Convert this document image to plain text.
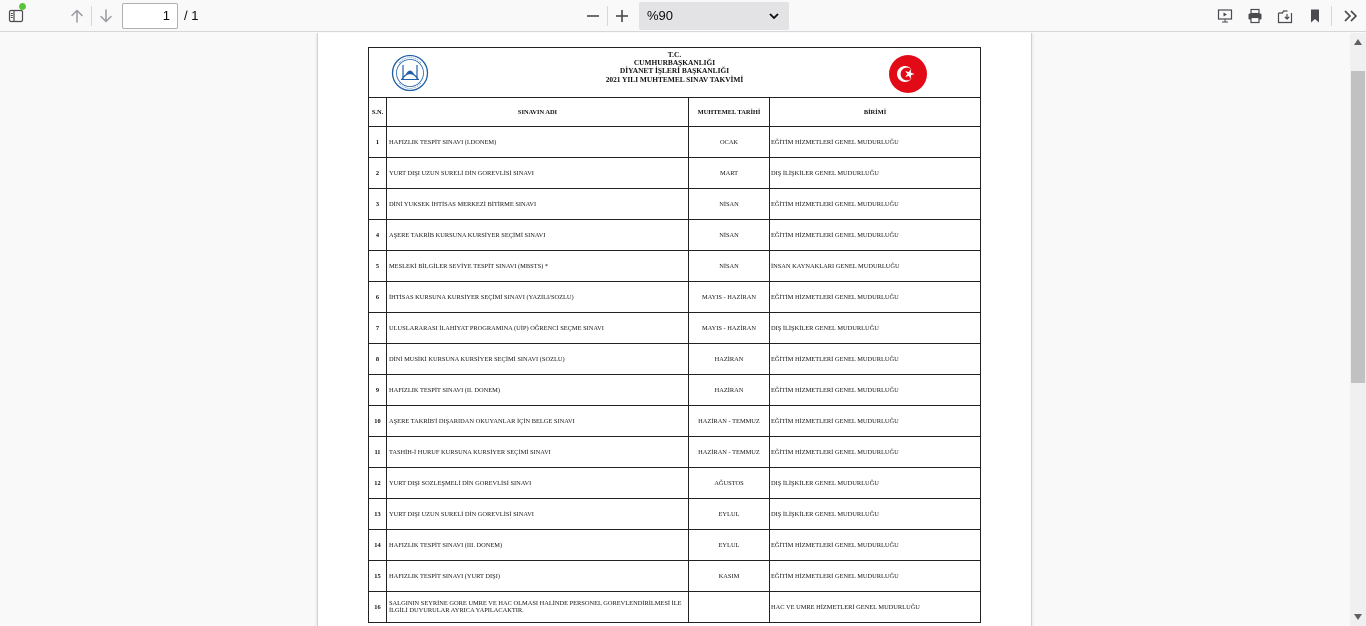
1	/ 1	%90
T.C.
CUMHURBAŞKANLIĞI
DİYANET İŞLERİ BAŞKANLIĞI
2021 YILI MUHTEMEL SINAV TAKVİMİ			

S.N.	SINAVIN ADI	MUHTEMEL TARİHİ	BİRİMİ
1	HAFIZLIK TESPİT SINAVI (I.DONEM)	OCAK	EĞİTİM HİZMETLERİ GENEL MUDURLUĞU
2	YURT DIŞI UZUN SURELİ DİN GOREVLİSİ SINAVI	MART	DIŞ İLİŞKİLER GENEL MUDURLUĞU
3	DİNİ YUKSEK İHTİSAS MERKEZİ BİTİRME SINAVI	NİSAN	EĞİTİM HİZMETLERİ GENEL MUDURLUĞU
4	AŞERE TAKRİB KURSUNA KURSİYER SEÇİMİ SINAVI	NİSAN	EĞİTİM HİZMETLERİ GENEL MUDURLUĞU
5	MESLEKİ BİLGİLER SEVİYE TESPİT SINAVI (MBSTS) *	NİSAN	İNSAN KAYNAKLARI GENEL MUDURLUĞU
6	İHTİSAS KURSUNA KURSİYER SEÇİMİ SINAVI (YAZILI/SOZLU)	MAYIS - HAZİRAN	EĞİTİM HİZMETLERİ GENEL MUDURLUĞU
7	ULUSLARARASI İLAHİYAT PROGRAMINA (UİP) OĞRENCİ SEÇME SINAVI	MAYIS - HAZİRAN	DIŞ İLİŞKİLER GENEL MUDURLUĞU
8	DİNİ MUSİKİ KURSUNA KURSİYER SEÇİMİ SINAVI (SOZLU)	HAZİRAN	EĞİTİM HİZMETLERİ GENEL MUDURLUĞU
9	HAFIZLIK TESPİT SINAVI (II. DONEM)	HAZİRAN	EĞİTİM HİZMETLERİ GENEL MUDURLUĞU
10	AŞERE TAKRİB'İ DIŞARIDAN OKUYANLAR İÇİN BELGE SINAVI	HAZİRAN - TEMMUZ	EĞİTİM HİZMETLERİ GENEL MUDURLUĞU
11	TASHİH-İ HURUF KURSUNA KURSİYER SEÇİMİ SINAVI	HAZİRAN - TEMMUZ	EĞİTİM HİZMETLERİ GENEL MUDURLUĞU
12	YURT DIŞI SOZLEŞMELİ DİN GOREVLİSİ SINAVI	AĞUSTOS	DIŞ İLİŞKİLER GENEL MUDURLUĞU
13	YURT DIŞI UZUN SURELİ DİN GOREVLİSİ SINAVI	EYLUL	DIŞ İLİŞKİLER GENEL MUDURLUĞU
14	HAFIZLIK TESPİT SINAVI (III. DONEM)	EYLUL	EĞİTİM HİZMETLERİ GENEL MUDURLUĞU
15	HAFIZLIK TESPİT SINAVI (YURT DIŞI)	KASIM	EĞİTİM HİZMETLERİ GENEL MUDURLUĞU
16	SALGININ SEYRİNE GORE UMRE VE HAC OLMASI HALİNDE PERSONEL GOREVLENDİRİLMESİ İLE İLGİLİ DUYURULAR AYRICA YAPILACAKTIR.		HAC VE UMRE HİZMETLERİ GENEL MUDURLUĞU
